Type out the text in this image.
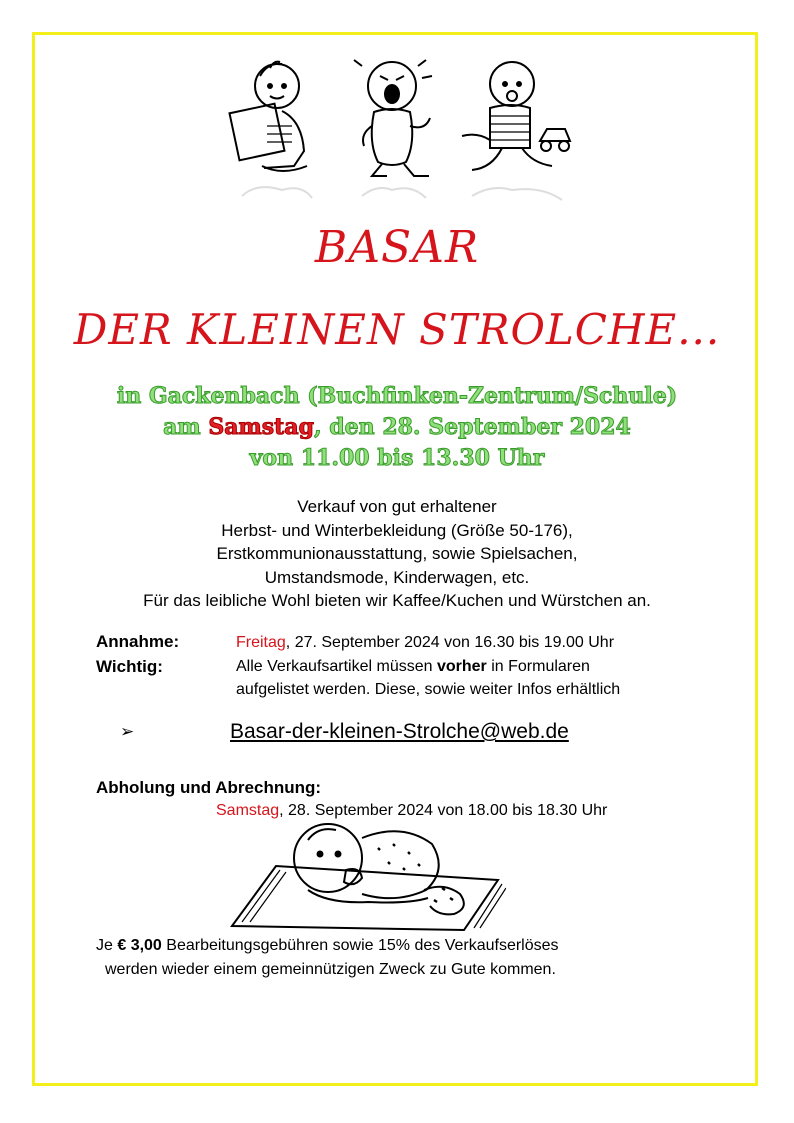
BASAR
DER KLEINEN STROLCHE...
in Gackenbach (Buchfinken-Zentrum/Schule)
am Samstag, den 28. September 2024
von 11.00 bis 13.30 Uhr
Verkauf von gut erhaltener
Herbst- und Winterbekleidung (Größe 50-176),
Erstkommunionausstattung, sowie Spielsachen,
Umstandsmode, Kinderwagen, etc.
Für das leibliche Wohl bieten wir Kaffee/Kuchen und Würstchen an.
Annahme:	Freitag, 27. September 2024 von 16.30 bis 19.00 Uhr
Wichtig:	Alle Verkaufsartikel müssen vorher in Formularen
aufgelistet werden. Diese, sowie weiter Infos erhältlich
➢	Basar-der-kleinen-Strolche@web.de
Abholung und Abrechnung:
Samstag, 28. September 2024 von 18.00 bis 18.30 Uhr
Je € 3,00 Bearbeitungsgebühren sowie 15% des Verkaufserlöses
werden wieder einem gemeinnützigen Zweck zu Gute kommen.
